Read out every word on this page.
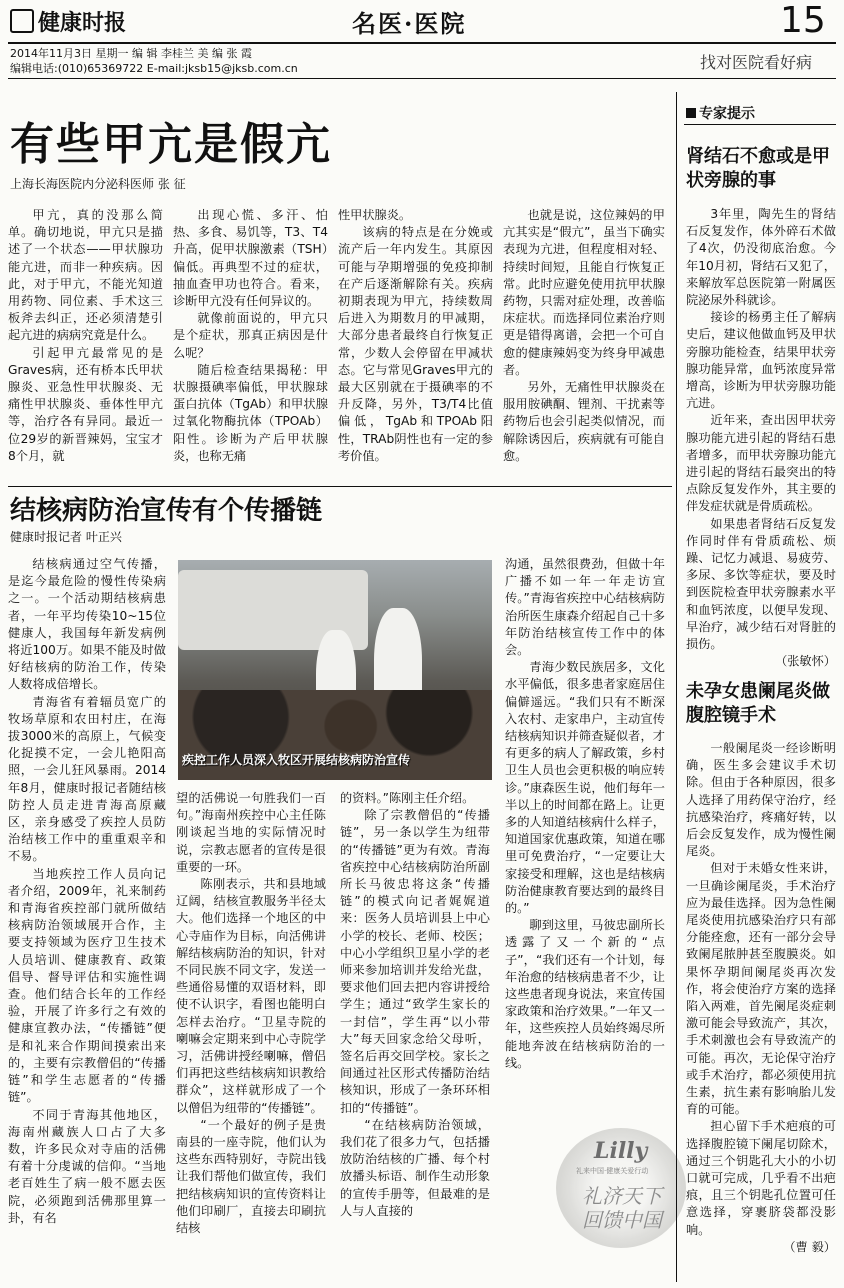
健康时报	名医·医院	15
2014年11月3日 星期一 编 辑 李桂兰 美 编 张 霞
编辑电话:(010)65369722 E-mail:jksb15@jksb.com.cn	找对医院看好病
有些甲亢是假亢
上海长海医院内分泌科医师 张 征

甲亢，真的没那么简单。确切地说，甲亢只是描述了一个状态——甲状腺功能亢进，而非一种疾病。因此，对于甲亢，不能光知道用药物、同位素、手术这三板斧去纠正，还必须清楚引起亢进的病病究竟是什么。

引起甲亢最常见的是Graves病，还有桥本氏甲状腺炎、亚急性甲状腺炎、无痛性甲状腺炎、垂体性甲亢等，治疗各有异同。最近一位29岁的新晋辣妈，宝宝才8个月，就

出现心慌、多汗、怕热、多食、易饥等，T3、T4升高，促甲状腺激素（TSH）偏低。再典型不过的症状，抽血查甲功也符合。看来，诊断甲亢没有任何异议的。

就像前面说的，甲亢只是个症状，那真正病因是什么呢？

随后检查结果揭秘：甲状腺摄碘率偏低，甲状腺球蛋白抗体（TgAb）和甲状腺过氧化物酶抗体（TPOAb）阳性。诊断为产后甲状腺炎，也称无痛

性甲状腺炎。

该病的特点是在分娩或流产后一年内发生。其原因可能与孕期增强的免疫抑制在产后逐渐解除有关。疾病初期表现为甲亢，持续数周后进入为期数月的甲减期，大部分患者最终自行恢复正常，少数人会停留在甲减状态。它与常见Graves甲亢的最大区别就在于摄碘率的不升反降，另外，T3/T4比值偏低，TgAb和TPOAb阳性，TRAb阴性也有一定的参考价值。

也就是说，这位辣妈的甲亢其实是“假亢”，虽当下确实表现为亢进，但程度相对轻、持续时间短，且能自行恢复正常。此时应避免使用抗甲状腺药物，只需对症处理，改善临床症状。而选择同位素治疗则更是错得离谱，会把一个可自愈的健康辣妈变为终身甲减患者。

另外，无痛性甲状腺炎在服用胺碘酮、锂剂、干扰素等药物后也会引起类似情况，而解除诱因后，疾病就有可能自愈。

结核病防治宣传有个传播链
健康时报记者 叶正兴

结核病通过空气传播，是迄今最危险的慢性传染病之一。一个活动期结核病患者，一年平均传染10~15位健康人，我国每年新发病例将近100万。如果不能及时做好结核病的防治工作，传染人数将成倍增长。

青海省有着辐员宽广的牧场草原和农田村庄，在海拔3000米的高原上，气候变化捉摸不定，一会儿艳阳高照，一会儿狂风暴雨。2014年8月，健康时报记者随结核防控人员走进青海高原藏区，亲身感受了疾控人员防治结核工作中的重重艰辛和不易。

当地疾控工作人员向记者介绍，2009年，礼来制药和青海省疾控部门就所做结核病防治领域展开合作，主要支持领域为医疗卫生技术人员培训、健康教育、政策倡导、督导评估和实施性调查。他们结合长年的工作经验，开展了许多行之有效的健康宣教办法，“传播链”便是和礼来合作期间摸索出来的，主要有宗教僧侣的“传播链”和学生志愿者的“传播链”。

不同于青海其他地区，海南州藏族人口占了大多数，许多民众对寺庙的活佛有着十分虔诚的信仰。“当地老百姓生了病一般不愿去医院，必须跑到活佛那里算一卦，有名

疾控工作人员深入牧区开展结核病防治宣传

望的活佛说一句胜我们一百句。”海南州疾控中心主任陈刚谈起当地的实际情况时说，宗教志愿者的宣传是很重要的一环。

陈刚表示，共和县地域辽阔，结核宣教服务半径太大。他们选择一个地区的中心寺庙作为目标，向活佛讲解结核病防治的知识，针对不同民族不同文字，发送一些通俗易懂的双语材料，即使不认识字，看图也能明白怎样去治疗。“卫星寺院的喇嘛会定期来到中心寺院学习，活佛讲授经喇嘛，僧侣们再把这些结核病知识教给群众”，这样就形成了一个以僧侣为纽带的“传播链”。

“一个最好的例子是贵南县的一座寺院，他们认为这些东西特别好，寺院出钱让我们帮他们做宣传，我们把结核病知识的宣传资料让他们印刷厂，直接去印刷抗结核

的资料。”陈刚主任介绍。

除了宗教僧侣的“传播链”，另一条以学生为纽带的“传播链”更为有效。青海省疾控中心结核病防治所副所长马彼忠将这条“传播链”的模式向记者娓娓道来：医务人员培训县上中心小学的校长、老师、校医；中心小学组织卫星小学的老师来参加培训并发给光盘，要求他们回去把内容讲授给学生；通过“致学生家长的一封信”，学生再“以小带大”每天回家念给父母听，签名后再交回学校。家长之间通过社区形式传播防治结核知识，形成了一条环环相扣的“传播链”。

“在结核病防治领域，我们花了很多力气，包括播放防治结核的广播、每个村放播头标语、制作生动形象的宣传手册等，但最难的是人与人直接的

沟通，虽然很费劲，但做十年广播不如一年一年走访宣传。”青海省疾控中心结核病防治所医生康森介绍起自己十多年防治结核宣传工作中的体会。

青海少数民族居多，文化水平偏低，很多患者家庭居住偏僻遥远。“我们只有不断深入农村、走家串户，主动宣传结核病知识并筛查疑似者，才有更多的病人了解政策，乡村卫生人员也会更积极的响应转诊。”康森医生说，他们每年一半以上的时间都在路上。让更多的人知道结核病什么样子，知道国家优惠政策，知道在哪里可免费治疗，“一定要让大家接受和理解，这也是结核病防治健康教育要达到的最终目的。”

聊到这里，马彼忠副所长透露了又一个新的“点子”，“我们还有一个计划，每年治愈的结核病患者不少，让这些患者现身说法，来宣传国家政策和治疗效果。”一年又一年，这些疾控人员始终竭尽所能地奔波在结核病防治的一线。

Lilly
礼来中国·健康关爱行动
礼济天下
回馈中国
专家提示
肾结石不愈或是甲状旁腺的事

3年里，陶先生的肾结石反复发作，体外碎石术做了4次，仍没彻底治愈。今年10月初，肾结石又犯了，来解放军总医院第一附属医院泌尿外科就诊。

接诊的杨勇主任了解病史后，建议他做血钙及甲状旁腺功能检查，结果甲状旁腺功能异常，血钙浓度异常增高，诊断为甲状旁腺功能亢进。

近年来，查出因甲状旁腺功能亢进引起的肾结石患者增多，而甲状旁腺功能亢进引起的肾结石最突出的特点除反复发作外，其主要的伴发症状就是骨质疏松。

如果患者肾结石反复发作同时伴有骨质疏松、烦躁、记忆力减退、易疲劳、多尿、多饮等症状，要及时到医院检查甲状旁腺素水平和血钙浓度，以便早发现、早治疗，减少结石对肾脏的损伤。

（张敏怀）
未孕女患阑尾炎做腹腔镜手术

一般阑尾炎一经诊断明确，医生多会建议手术切除。但由于各种原因，很多人选择了用药保守治疗，经抗感染治疗，疼痛好转，以后会反复发作，成为慢性阑尾炎。

但对于未婚女性来讲，一旦确诊阑尾炎，手术治疗应为最佳选择。因为急性阑尾炎使用抗感染治疗只有部分能痊愈，还有一部分会导致阑尾脓肿甚至腹膜炎。如果怀孕期间阑尾炎再次发作，将会使治疗方案的选择陷入两难，首先阑尾炎症刺激可能会导致流产，其次，手术刺激也会有导致流产的可能。再次，无论保守治疗或手术治疗，都必须使用抗生素，抗生素有影响胎儿发育的可能。

担心留下手术疤痕的可选择腹腔镜下阑尾切除术，通过三个钥匙孔大小的小切口就可完成，几乎看不出疤痕，且三个钥匙孔位置可任意选择，穿裹脐袋都没影响。

（曹 毅）
